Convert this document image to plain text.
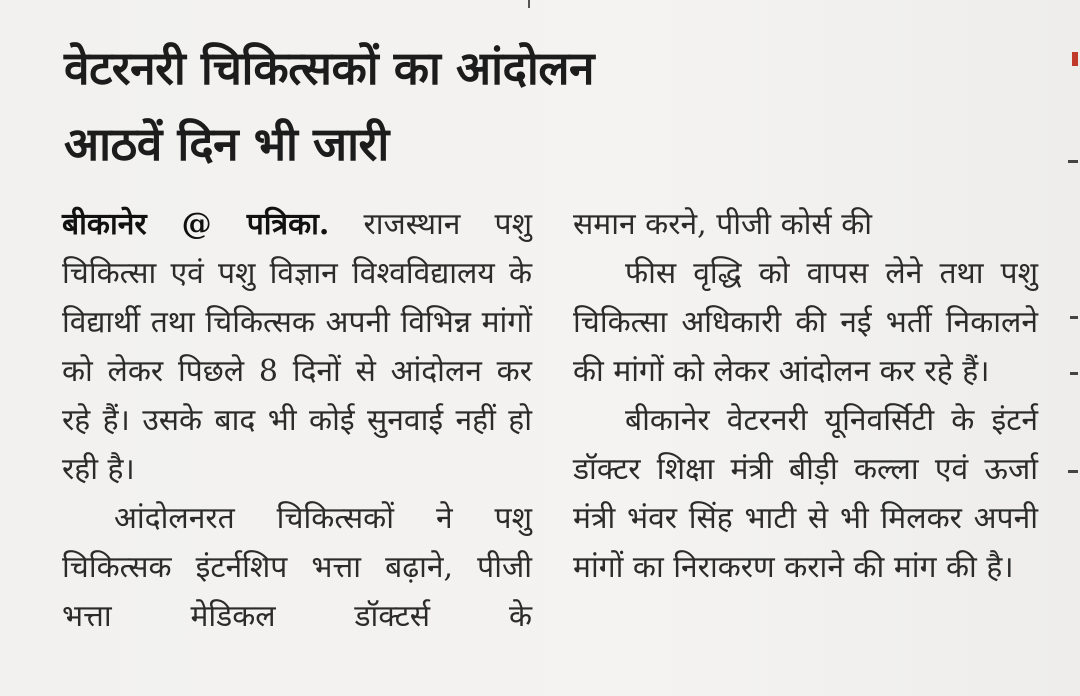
वेटरनरी चिकित्सकों का आंदोलन
आठवें दिन भी जारी

बीकानेर @ पत्रिका. राजस्थान पशु चिकित्सा एवं पशु विज्ञान विश्वविद्यालय के विद्यार्थी तथा चिकित्सक अपनी विभिन्न मांगों को लेकर पिछले 8 दिनों से आंदोलन कर रहे हैं। उसके बाद भी कोई सुनवाई नहीं हो रही है।

आंदोलनरत चिकित्सकों ने पशु चिकित्सक इंटर्नशिप भत्ता बढ़ाने, पीजी भत्ता मेडिकल डॉक्टर्स के

समान करने, पीजी कोर्स की

फीस वृद्धि को वापस लेने तथा पशु चिकित्सा अधिकारी की नई भर्ती निकालने की मांगों को लेकर आंदोलन कर रहे हैं।

बीकानेर वेटरनरी यूनिवर्सिटी के इंटर्न डॉक्टर शिक्षा मंत्री बीड़ी कल्ला एवं ऊर्जा मंत्री भंवर सिंह भाटी से भी मिलकर अपनी मांगों का निराकरण कराने की मांग की है।
